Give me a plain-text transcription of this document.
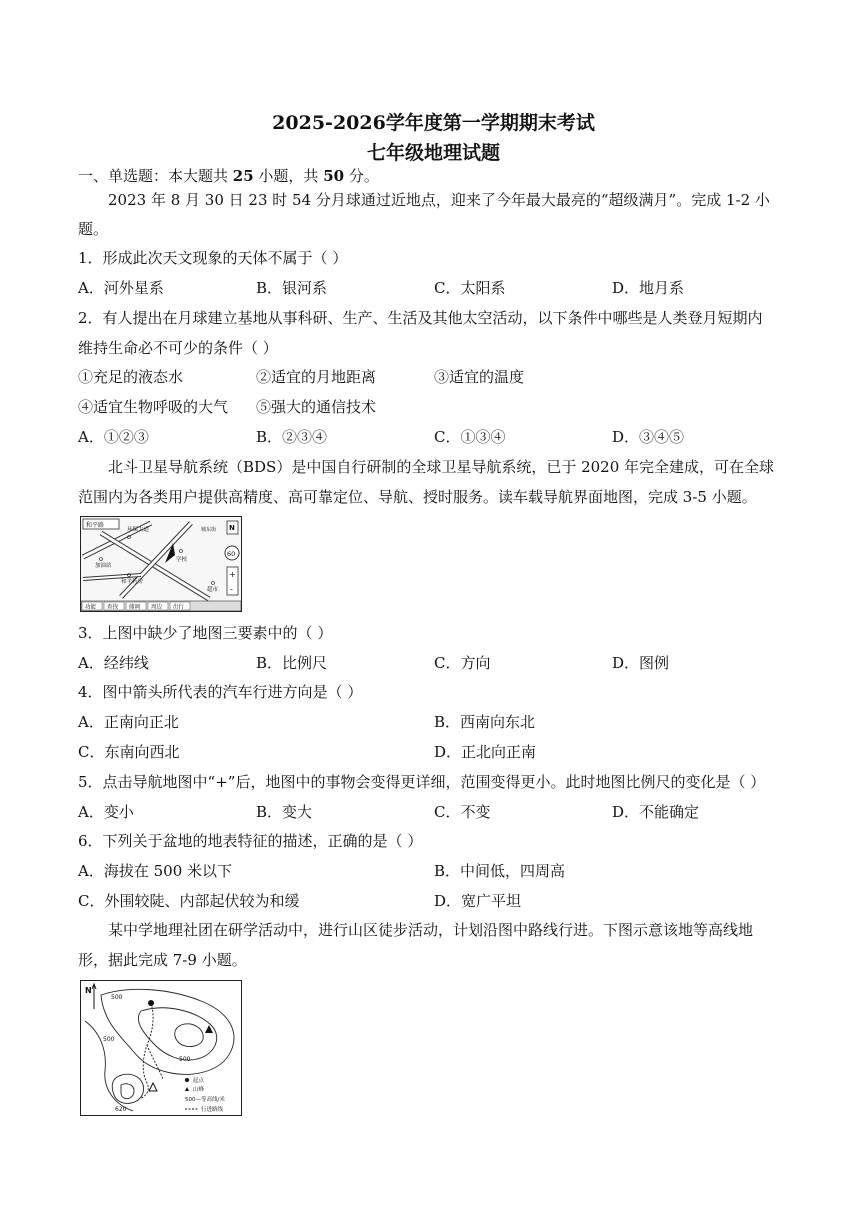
2025-2026学年度第一学期期末考试
七年级地理试题
一、单选题：本大题共 25 小题，共 50 分。
2023 年 8 月 30 日 23 时 54 分月球通过近地点，迎来了今年最大最亮的“超级满月”。完成 1-2 小
题。
1．形成此次天文现象的天体不属于（ ）
A．河外星系	B．银河系	C．太阳系	D．地月系
2．有人提出在月球建立基地从事科研、生产、生活及其他太空活动，以下条件中哪些是人类登月短期内
维持生命必不可少的条件（ ）
①充足的液态水	②适宜的月地距离	③适宜的温度
④适宜生物呼吸的大气 ⑤强大的通信技术
A．①②③	B．②③④	C．①③④	D．③④⑤
北斗卫星导航系统（BDS）是中国自行研制的全球卫星导航系统，已于 2020 年完全建成，可在全球
范围内为各类用户提供高精度、高可靠定位、导航、授时服务。读车载导航界面地图，完成 3-5 小题。
和平路
环保大道
加油站
城东街
学校
和平药房
超市
N
60
+
-
功能 查找 储调 周边 出行
3．上图中缺少了地图三要素中的（ ）
A．经纬线	B．比例尺	C．方向	D．图例
4．图中箭头所代表的汽车行进方向是（ ）
A．正南向正北	B．西南向东北
C．东南向西北	D．正北向正南
5．点击导航地图中“+”后，地图中的事物会变得更详细，范围变得更小。此时地图比例尺的变化是（ ）
A．变小	B．变大	C．不变	D．不能确定
6．下列关于盆地的地表特征的描述，正确的是（ ）
A．海拔在 500 米以下	B．中间低，四周高
C．外围较陡、内部起伏较为和缓	D．宽广平坦
某中学地理社团在研学活动中，进行山区徒步活动，计划沿图中路线行进。下图示意该地等高线地
形，据此完成 7-9 小题。
N
500
500
500
620
起点
山峰
500—等高线/米
行进路线
